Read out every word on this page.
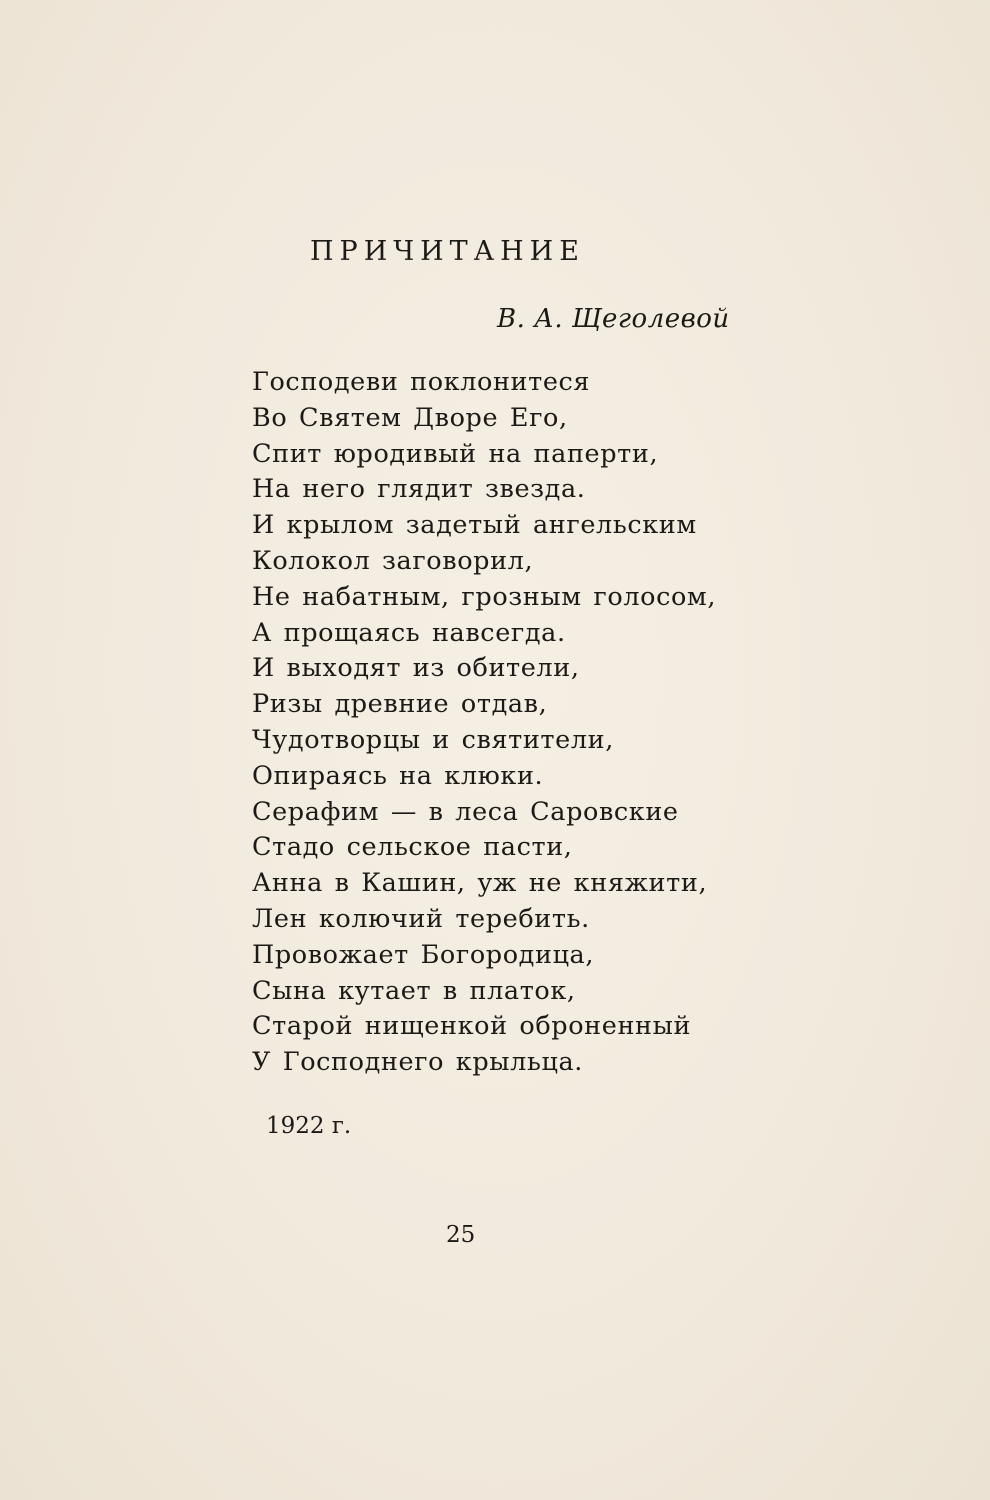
ПРИЧИТАНИЕ
В. А. Щеголевой
Господеви поклонитеся
Во Святем Дворе Его,
Спит юродивый на паперти,
На него глядит звезда.
И крылом задетый ангельским
Колокол заговорил,
Не набатным, грозным голосом,
А прощаясь навсегда.
И выходят из обители,
Ризы древние отдав,
Чудотворцы и святители,
Опираясь на клюки.
Серафим — в леса Саровские
Стадо сельское пасти,
Анна в Кашин, уж не княжити,
Лен колючий теребить.
Провожает Богородица,
Сына кутает в платок,
Старой нищенкой оброненный
У Господнего крыльца.
1922 г.
25
